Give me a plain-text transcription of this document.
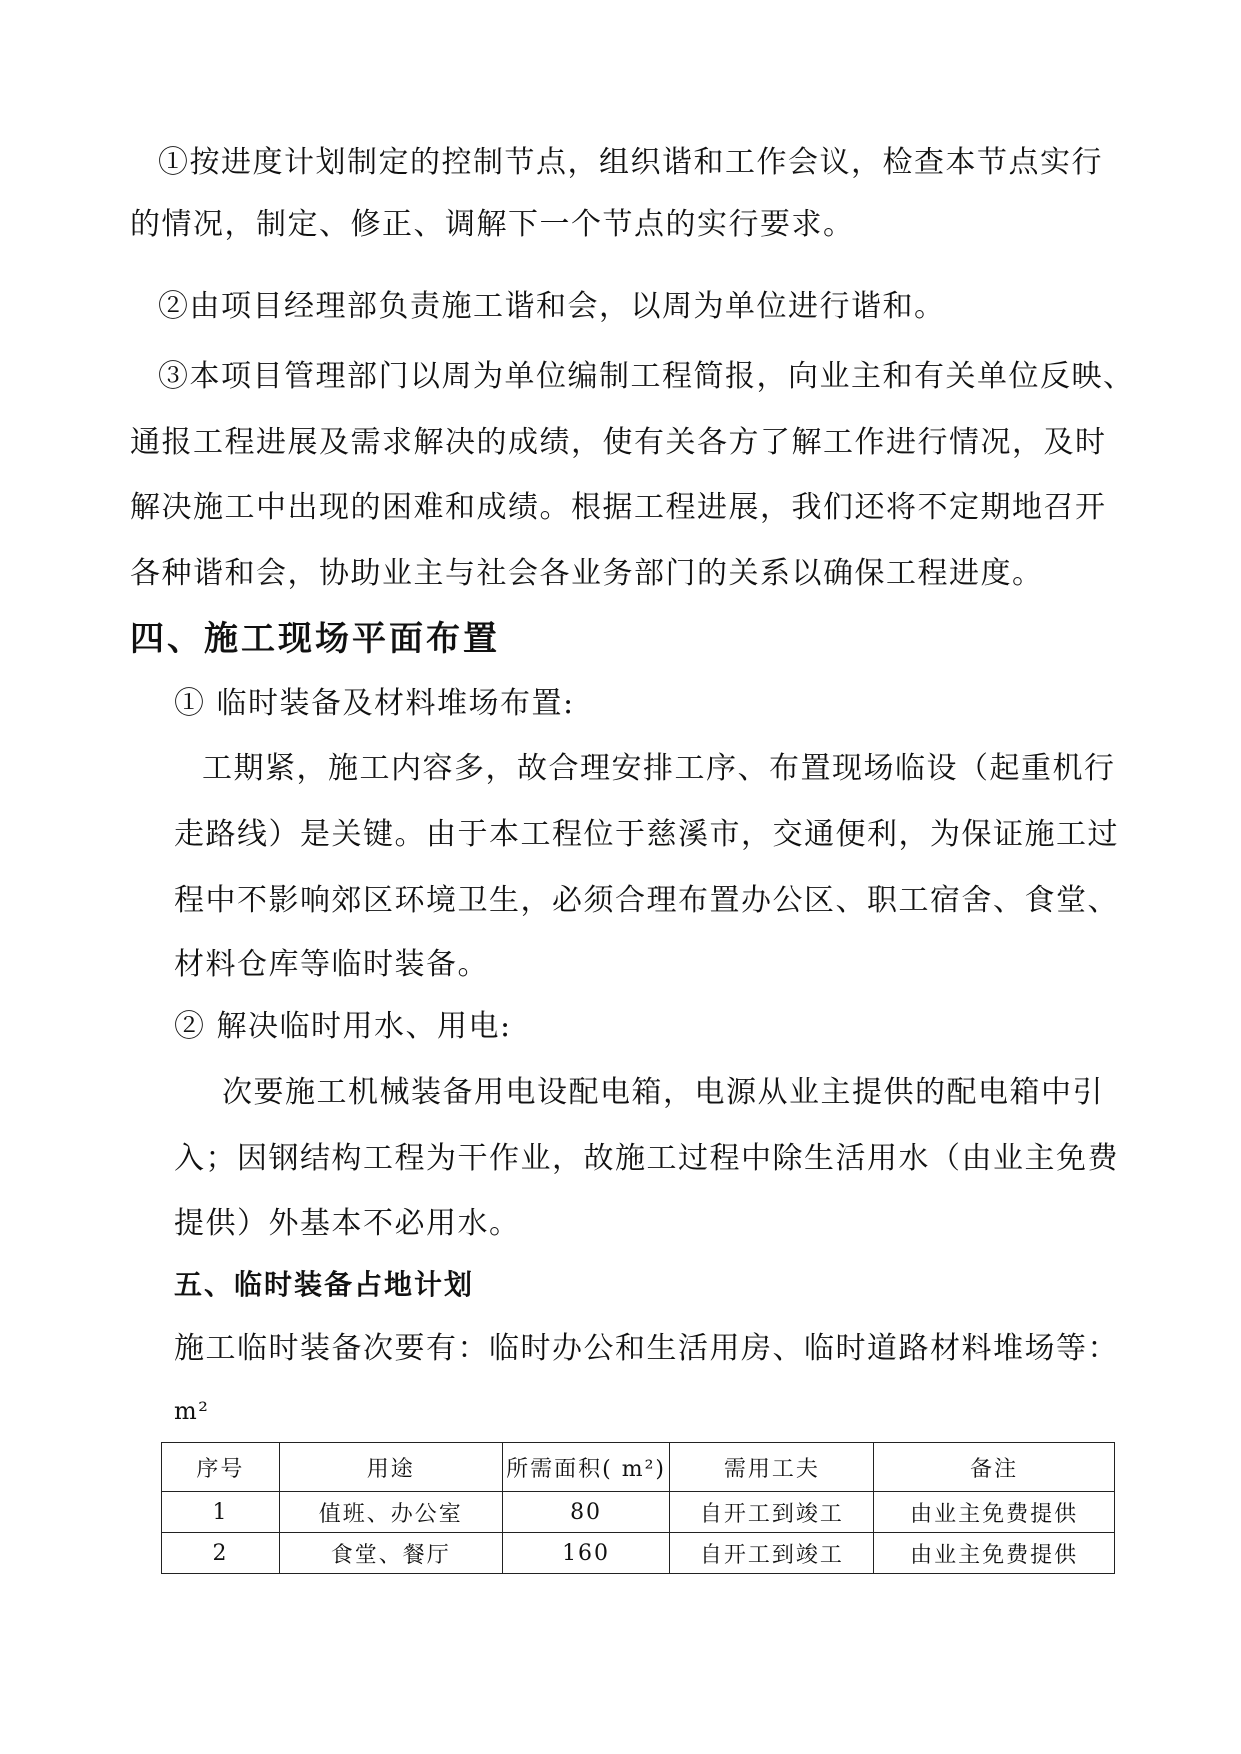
①按进度计划制定的控制节点，组织谐和工作会议，检查本节点实行
的情况，制定、修正、调解下一个节点的实行要求。
②由项目经理部负责施工谐和会，以周为单位进行谐和。
③本项目管理部门以周为单位编制工程简报，向业主和有关单位反映、
通报工程进展及需求解决的成绩，使有关各方了解工作进行情况，及时
解决施工中出现的困难和成绩。根据工程进展，我们还将不定期地召开
各种谐和会，协助业主与社会各业务部门的关系以确保工程进度。
四、施工现场平面布置
① 临时装备及材料堆场布置:
工期紧，施工内容多，故合理安排工序、布置现场临设（起重机行
走路线）是关键。由于本工程位于慈溪市，交通便利，为保证施工过
程中不影响郊区环境卫生，必须合理布置办公区、职工宿舍、食堂、
材料仓库等临时装备。
② 解决临时用水、用电:
次要施工机械装备用电设配电箱，电源从业主提供的配电箱中引
入；因钢结构工程为干作业，故施工过程中除生活用水（由业主免费
提供）外基本不必用水。
五、临时装备占地计划
施工临时装备次要有：临时办公和生活用房、临时道路材料堆场等：
m²
序号	用途	所需面积( m²)	需用工夫	备注
1	值班、办公室	80	自开工到竣工	由业主免费提供
2	食堂、餐厅	160	自开工到竣工	由业主免费提供
